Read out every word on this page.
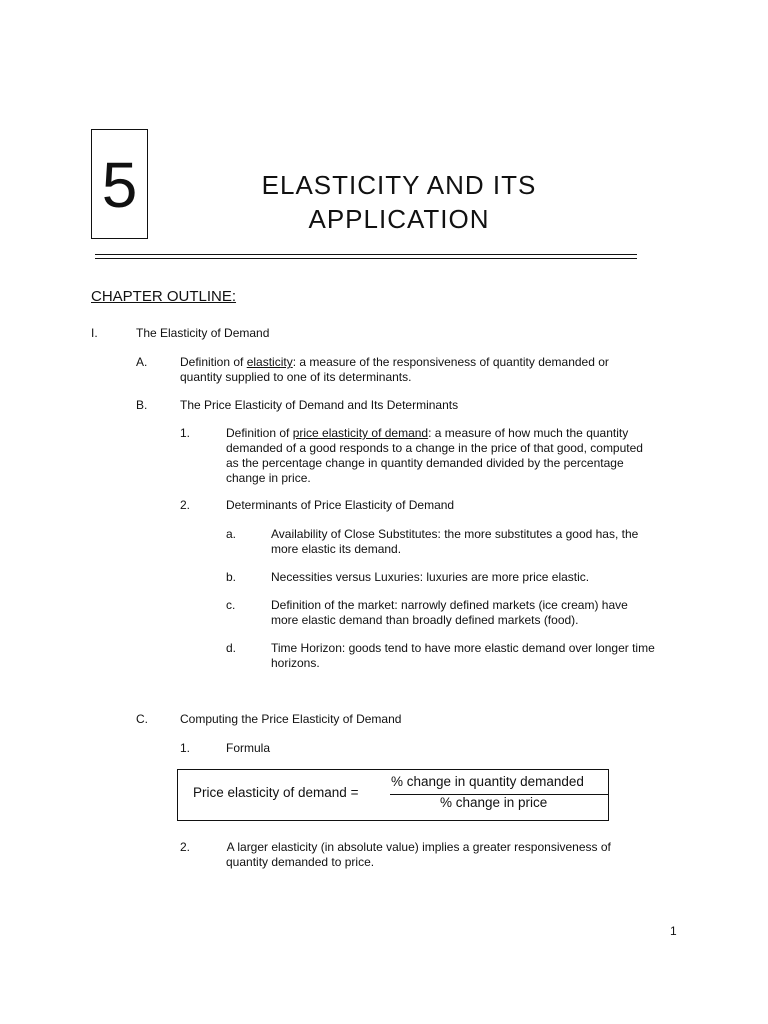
5	ELASTICITY AND ITS
APPLICATION
CHAPTER OUTLINE:
I.	The Elasticity of Demand
A.	Definition of elasticity: a measure of the responsiveness of quantity demanded or
quantity supplied to one of its determinants.
B.	The Price Elasticity of Demand and Its Determinants
1.	Definition of price elasticity of demand: a measure of how much the quantity
demanded of a good responds to a change in the price of that good, computed
as the percentage change in quantity demanded divided by the percentage
change in price.
2.	Determinants of Price Elasticity of Demand
a.	Availability of Close Substitutes: the more substitutes a good has, the
more elastic its demand.
b.	Necessities versus Luxuries: luxuries are more price elastic.
c.	Definition of the market: narrowly defined markets (ice cream) have
more elastic demand than broadly defined markets (food).
d.	Time Horizon: goods tend to have more elastic demand over longer time
horizons.
C.	Computing the Price Elasticity of Demand
1.	Formula
Price elasticity of demand =
% change in quantity demanded
% change in price
2.	A larger elasticity (in absolute value) implies a greater responsiveness of
quantity demanded to price.
1
